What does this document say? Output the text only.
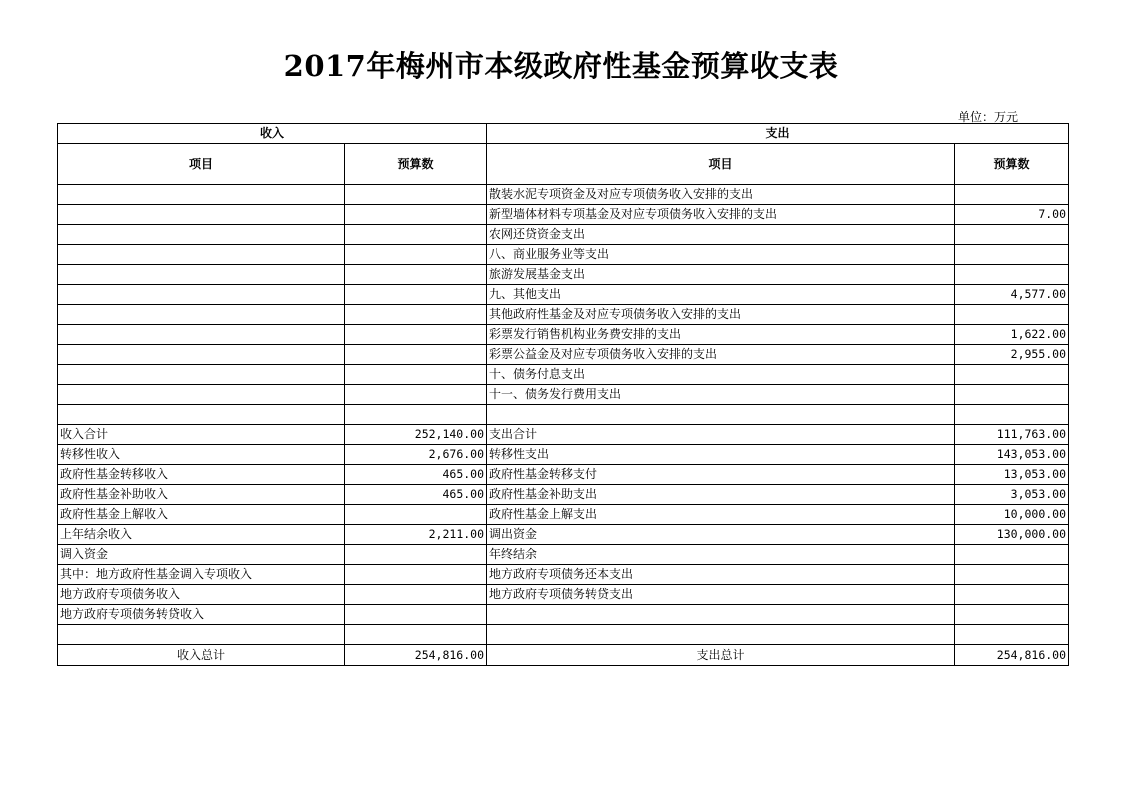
2017年梅州市本级政府性基金预算收支表
单位：万元
收入		支出	
项目	预算数	项目	预算数
		散装水泥专项资金及对应专项债务收入安排的支出	
		新型墙体材料专项基金及对应专项债务收入安排的支出	7.00
		农网还贷资金支出	
		八、商业服务业等支出	
		旅游发展基金支出	
		九、其他支出	4,577.00
		其他政府性基金及对应专项债务收入安排的支出	
		彩票发行销售机构业务费安排的支出	1,622.00
		彩票公益金及对应专项债务收入安排的支出	2,955.00
		十、债务付息支出	
		十一、债务发行费用支出	

收入合计	252,140.00	支出合计	111,763.00
转移性收入	2,676.00	转移性支出	143,053.00
政府性基金转移收入	465.00	政府性基金转移支付	13,053.00
政府性基金补助收入	465.00	政府性基金补助支出	3,053.00
政府性基金上解收入		政府性基金上解支出	10,000.00
上年结余收入	2,211.00	调出资金	130,000.00
调入资金		年终结余	
其中：地方政府性基金调入专项收入		地方政府专项债务还本支出	
地方政府专项债务收入		地方政府专项债务转贷支出	
地方政府专项债务转贷收入			

收入总计	254,816.00	支出总计	254,816.00
